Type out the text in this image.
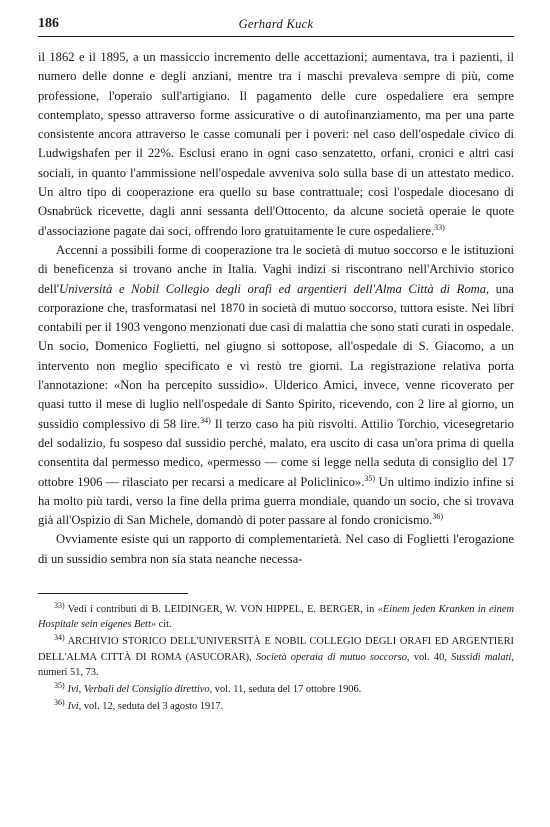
186	Gerhard Kuck

il 1862 e il 1895, a un massiccio incremento delle accettazioni; aumentava, tra i pazienti, il numero delle donne e degli anziani, mentre tra i maschi prevaleva sempre di più, come professione, l'operaio sull'artigiano. Il pagamento delle cure ospedaliere era sempre contemplato, spesso attraverso forme assicurative o di autofinanziamento, ma per una parte consistente ancora attraverso le casse comunali per i poveri: nel caso dell'ospedale civico di Ludwigshafen per il 22%. Esclusi erano in ogni caso senzatetto, orfani, cronici e altri casi sociali, in quanto l'ammissione nell'ospedale avveniva solo sulla base di un attestato medico. Un altro tipo di cooperazione era quello su base contrattuale; così l'ospedale diocesano di Osnabrück ricevette, dagli anni sessanta dell'Ottocento, da alcune società operaie le quote d'associazione pagate dai soci, offrendo loro gratuitamente le cure ospedaliere.$^{33)}$

Accenni a possibili forme di cooperazione tra le società di mutuo soccorso e le istituzioni di beneficenza si trovano anche in Italia. Vaghi indizi si riscontrano nell'Archivio storico dell'Università e Nobil Collegio degli orafi ed argentieri dell'Alma Città di Roma, una corporazione che, trasformatasi nel 1870 in società di mutuo soccorso, tuttora esiste. Nei libri contabili per il 1903 vengono menzionati due casi di malattia che sono stati curati in ospedale. Un socio, Domenico Foglietti, nel giugno si sottopose, all'ospedale di S. Giacomo, a un intervento non meglio specificato e vi restò tre giorni. La registrazione relativa porta l'annotazione: «Non ha percepito sussidio». Ulderico Amici, invece, venne ricoverato per quasi tutto il mese di luglio nell'ospedale di Santo Spirito, ricevendo, con 2 lire al giorno, un sussidio complessivo di 58 lire.$^{34)}$ Il terzo caso ha più risvolti. Attilio Torchio, vicesegretario del sodalizio, fu sospeso dal sussidio perché, malato, era uscito di casa un'ora prima di quella consentita dal permesso medico, «permesso — come si legge nella seduta di consiglio del 17 ottobre 1906 — rilasciato per recarsi a medicare al Policlinico».$^{35)}$ Un ultimo indizio infine si ha molto più tardi, verso la fine della prima guerra mondiale, quando un socio, che si trovava già all'Ospizio di San Michele, domandò di poter passare al fondo cronicismo.$^{36)}$

Ovviamente esiste qui un rapporto di complementarietà. Nel caso di Foglietti l'erogazione di un sussidio sembra non sia stata neanche necessa-

$^{33)}$ Vedi i contributi di B. LEIDINGER, W. VON HIPPEL, E. BERGER, in «Einem jeden Kranken in einem Hospitale sein eigenes Bett» cit.

$^{34)}$ ARCHIVIO STORICO DELL'UNIVERSITÀ E NOBIL COLLEGIO DEGLI ORAFI ED ARGENTIERI DELL'ALMA CITTÀ DI ROMA (ASUCORAR), Società operaia di mutuo soccorso, vol. 40, Sussidi malati, numeri 51, 73.

$^{35)}$ Ivi, Verbali del Consiglio direttivo, vol. 11, seduta del 17 ottobre 1906.

$^{36)}$ Ivi, vol. 12, seduta del 3 agosto 1917.
